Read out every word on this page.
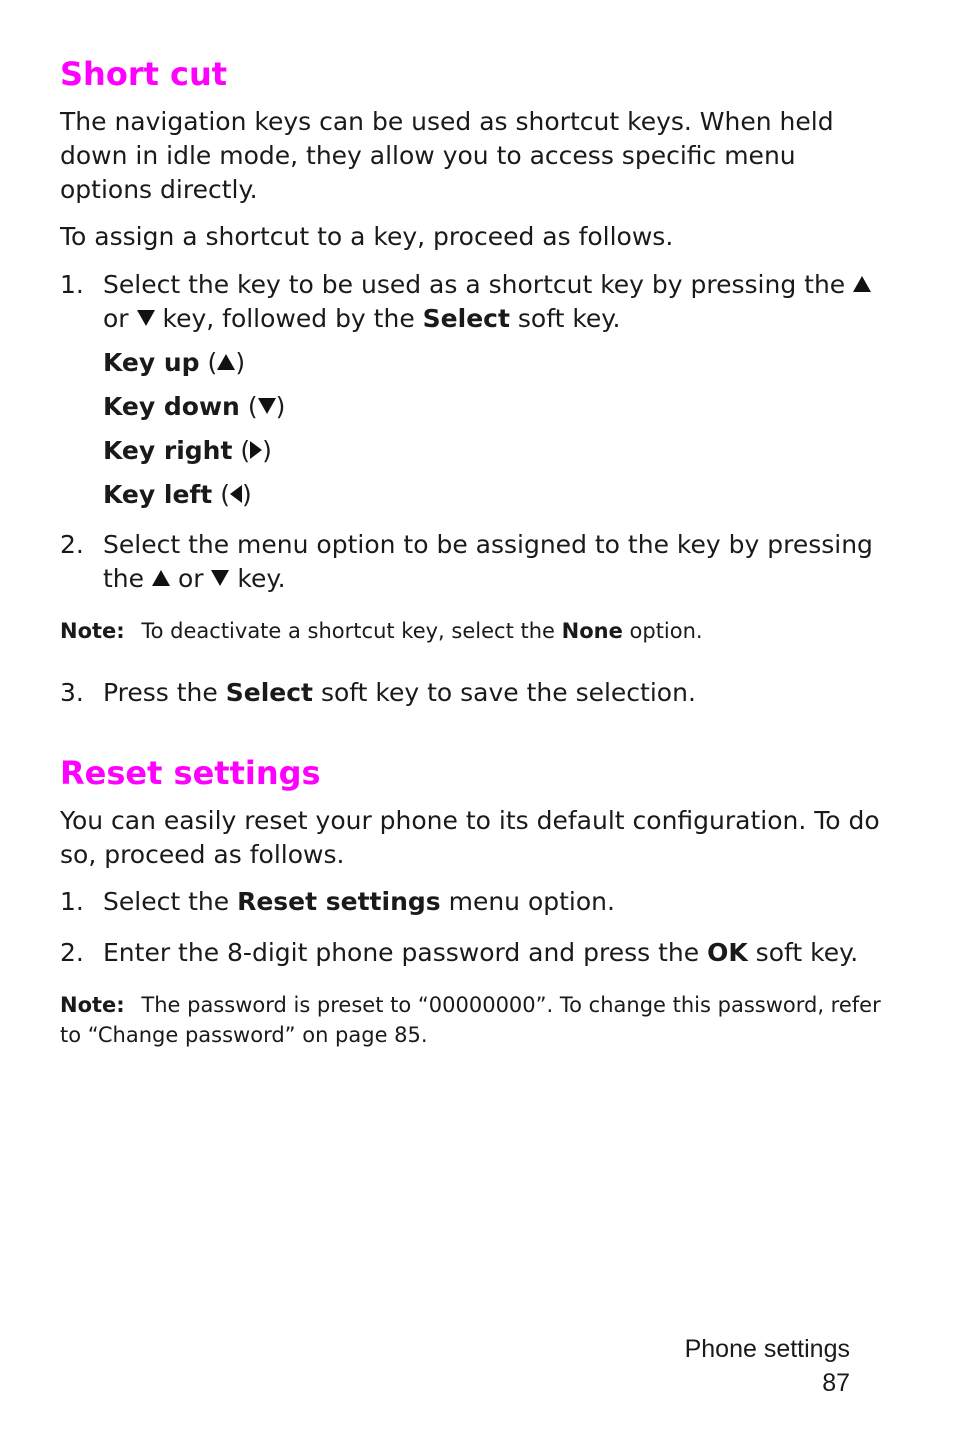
Short cut

The navigation keys can be used as shortcut keys. When held down in idle mode, they allow you to access specific menu options directly.

To assign a shortcut to a key, proceed as follows.

1. Select the key to be used as a shortcut key by pressing the  or key, followed by the Select soft key.
Key up ( )
Key down ( )
Key right ( )
Key left ( )
2. Select the menu option to be assigned to the key by pressing the or key.

Note: To deactivate a shortcut key, select the None option.

3. Press the Select soft key to save the selection.
Reset settings

You can easily reset your phone to its default configuration. To do so, proceed as follows.

1. Select the Reset settings menu option.
2. Enter the 8-digit phone password and press the OK soft key.

Note: The password is preset to “00000000”. To change this password, refer to “Change password” on page 85.

Phone settings
87
